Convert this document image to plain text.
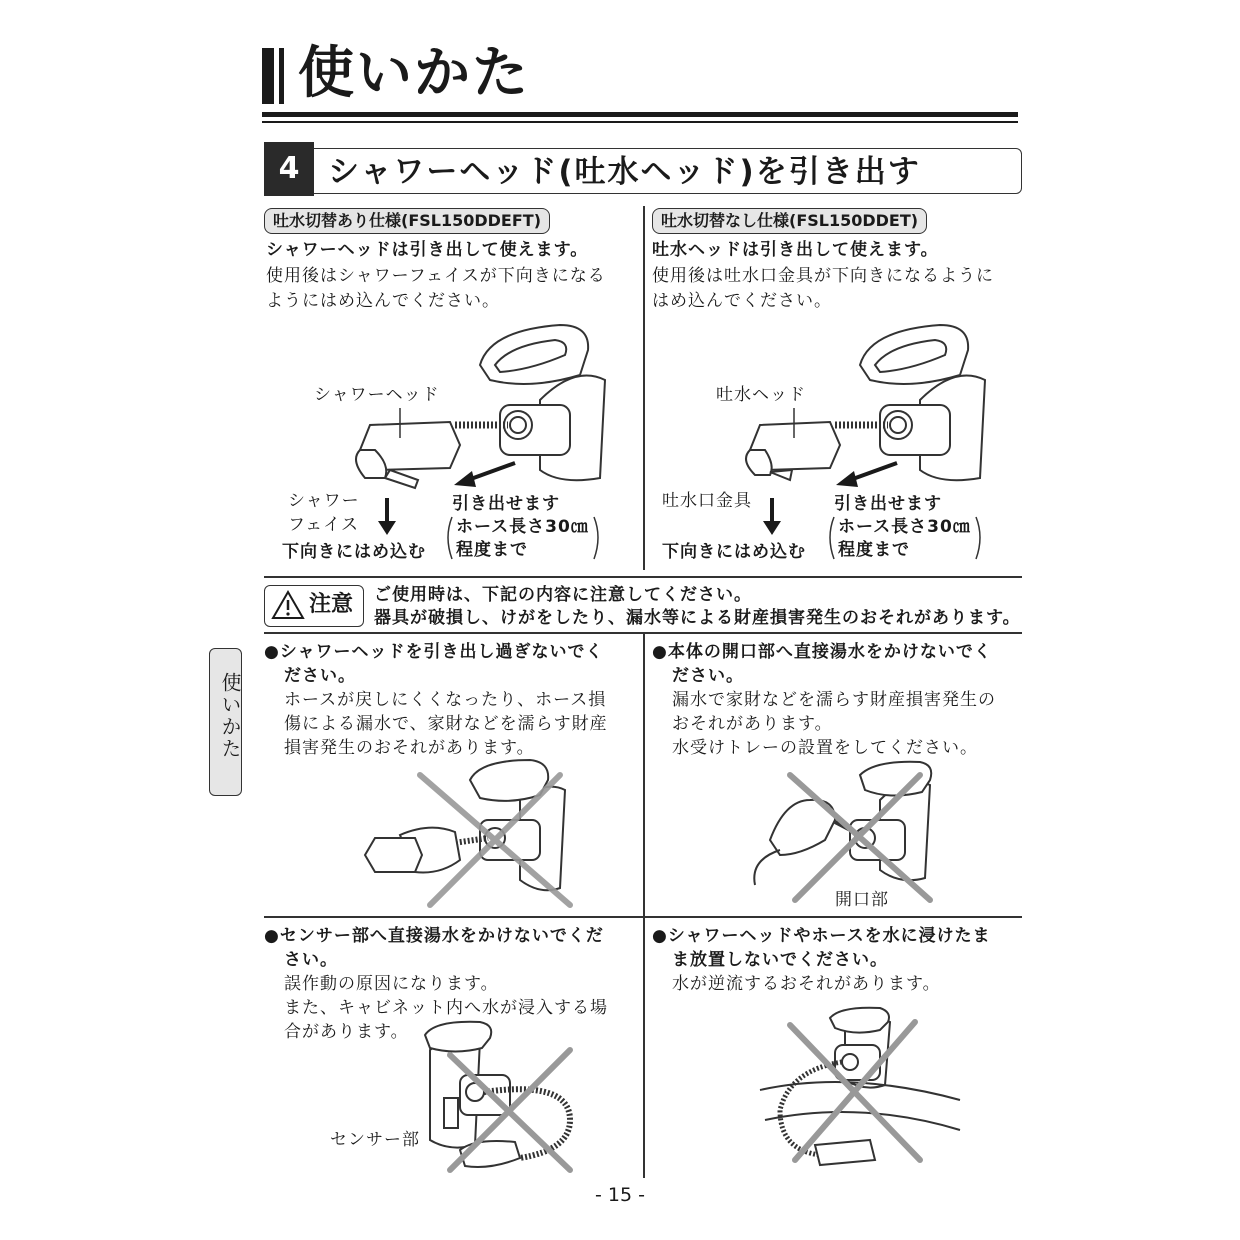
使いかた
4 シャワーヘッド(吐水ヘッド)を引き出す
吐水切替あり仕様(FSL150DDEFT)
シャワーヘッドは引き出して使えます。
使用後はシャワーフェイスが下向きになる
ようにはめ込んでください。
シャワーヘッド
シャワー
フェイス
下向きにはめ込む
引き出せます
ホース長さ30㎝
程度まで
吐水切替なし仕様(FSL150DDET)
吐水ヘッドは引き出して使えます。
使用後は吐水口金具が下向きになるように
はめ込んでください。
吐水ヘッド
吐水口金具
下向きにはめ込む
引き出せます
ホース長さ30㎝
程度まで
注意 ご使用時は、下記の内容に注意してください。
器具が破損し、けがをしたり、漏水等による財産損害発生のおそれがあります。
使いかた
●シャワーヘッドを引き出し過ぎないでく
ださい。
ホースが戻しにくくなったり、ホース損
傷による漏水で、家財などを濡らす財産
損害発生のおそれがあります。
●本体の開口部へ直接湯水をかけないでく
ださい。
漏水で家財などを濡らす財産損害発生の
おそれがあります。
水受けトレーの設置をしてください。
開口部
●センサー部へ直接湯水をかけないでくだ
さい。
誤作動の原因になります。
また、キャビネット内へ水が浸入する場
合があります。
センサー部
●シャワーヘッドやホースを水に浸けたま
ま放置しないでください。
水が逆流するおそれがあります。
- 15 -
